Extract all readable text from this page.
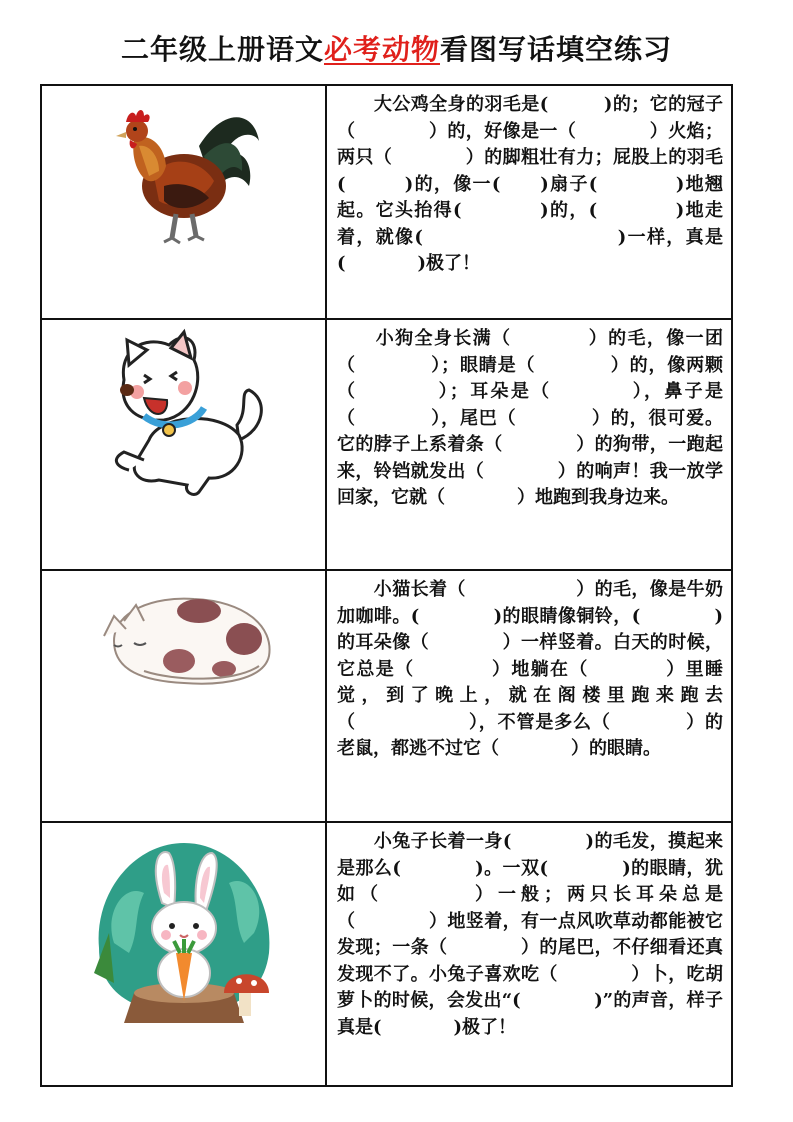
二年级上册语文必考动物看图写话填空练习

　　大公鸡全身的羽毛是(　　　)的；它的冠子（　　　　）的，好像是一（　　　　）火焰；两只（　　　　）的脚粗壮有力；屁股上的羽毛(　　　)的，像一(　　)扇子(　　　　)地翘起。它头抬得(　　　　)的，(　　　　)地走着，就像(　　　　　　　　　　)一样，真是(　　　　)极了！

　　小狗全身长满（　　　　）的毛，像一团（　　　　）；眼睛是（　　　　）的，像两颗（　　　　）；耳朵是（　　　　），鼻子是（　　　　），尾巴（　　　　）的，很可爱。它的脖子上系着条（　　　　）的狗带，一跑起来，铃铛就发出（　　　　）的响声！我一放学回家，它就（　　　　）地跑到我身边来。

　　小猫长着（　　　　　　）的毛，像是牛奶加咖啡。(　　　　)的眼睛像铜铃，(　　　　)的耳朵像（　　　　）一样竖着。白天的时候，它总是（　　　　）地躺在（　　　　）里睡觉，到了晚上，就在阁楼里跑来跑去（　　　　　　），不管是多么（　　　　）的老鼠，都逃不过它（　　　　）的眼睛。

　　小兔子长着一身(　　　　)的毛发，摸起来是那么(　　　　)。一双(　　　　)的眼睛，犹如（　　　　）一般；两只长耳朵总是（　　　　）地竖着，有一点风吹草动都能被它发现；一条（　　　　）的尾巴，不仔细看还真发现不了。小兔子喜欢吃（　　　　）卜，吃胡萝卜的时候，会发出“(　　　　)”的声音，样子真是(　　　　)极了！
